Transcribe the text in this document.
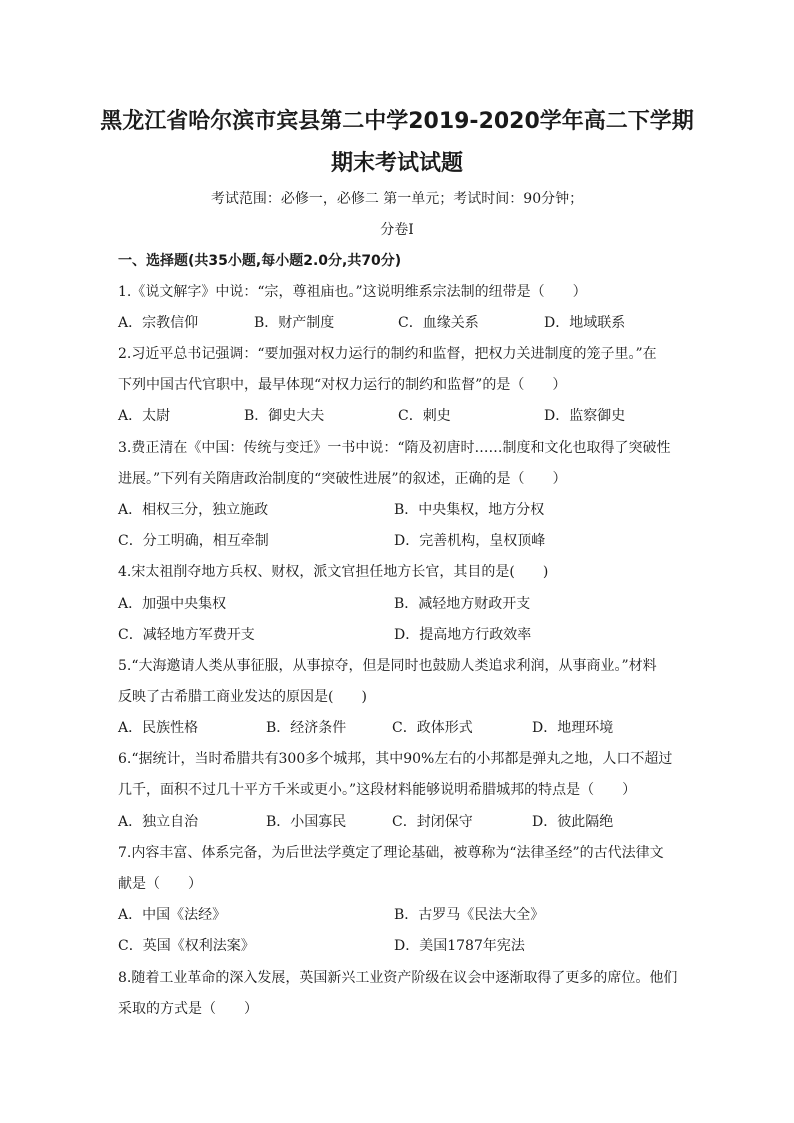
黑龙江省哈尔滨市宾县第二中学2019-2020学年高二下学期
期末考试试题
考试范围：必修一，必修二 第一单元；考试时间：90分钟；
分卷I
一、选择题(共35小题,每小题2.0分,共70分)
1.《说文解字》中说：“宗，尊祖庙也。”这说明维系宗法制的纽带是（　　）
A．宗教信仰	B．财产制度	C．血缘关系	D．地域联系
2.习近平总书记强调：“要加强对权力运行的制约和监督，把权力关进制度的笼子里。”在
下列中国古代官职中，最早体现“对权力运行的制约和监督”的是（　　）
A．太尉	B．御史大夫	C．刺史	D．监察御史
3.费正清在《中国：传统与变迁》一书中说：“隋及初唐时……制度和文化也取得了突破性
进展。”下列有关隋唐政治制度的“突破性进展”的叙述，正确的是（　　）
A．相权三分，独立施政	B．中央集权，地方分权
C．分工明确，相互牵制	D．完善机构，皇权顶峰
4.宋太祖削夺地方兵权、财权，派文官担任地方长官，其目的是(　　)
A．加强中央集权	B．减轻地方财政开支
C．减轻地方军费开支	D．提高地方行政效率
5.“大海邀请人类从事征服，从事掠夺，但是同时也鼓励人类追求利润，从事商业。”材料
反映了古希腊工商业发达的原因是(　　)
A．民族性格	B．经济条件	C．政体形式	D．地理环境
6.“据统计，当时希腊共有300多个城邦，其中90%左右的小邦都是弹丸之地，人口不超过
几千，面积不过几十平方千米或更小。”这段材料能够说明希腊城邦的特点是（　　）
A．独立自治	B．小国寡民	C．封闭保守	D．彼此隔绝
7.内容丰富、体系完备，为后世法学奠定了理论基础，被尊称为“法律圣经”的古代法律文
献是（　　）
A．中国《法经》	B．古罗马《民法大全》
C．英国《权利法案》	D．美国1787年宪法
8.随着工业革命的深入发展，英国新兴工业资产阶级在议会中逐渐取得了更多的席位。他们
采取的方式是（　　）
